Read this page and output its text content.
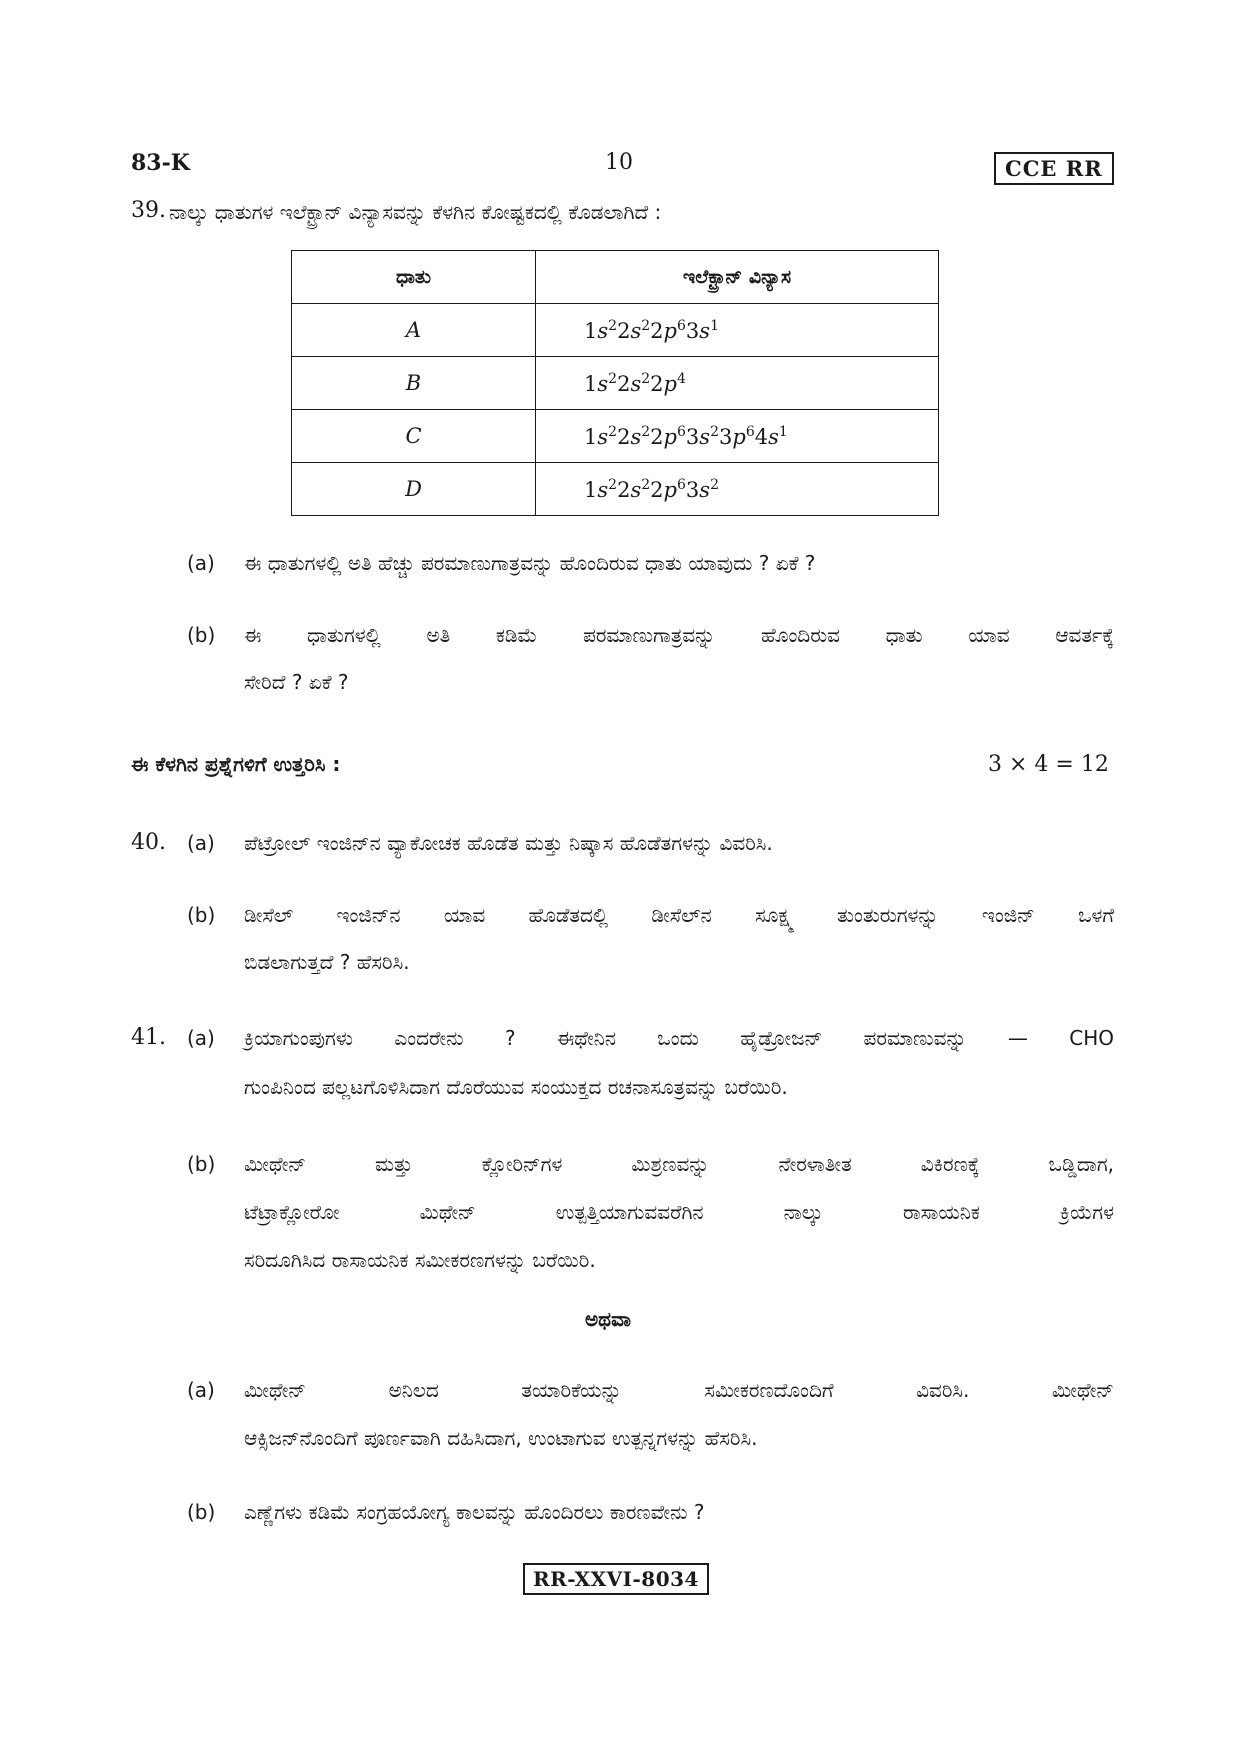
83-K	10	CCE RR
39. ನಾಲ್ಕು ಧಾತುಗಳ ಇಲೆಕ್ಟ್ರಾನ್ ವಿನ್ಯಾಸವನ್ನು ಕೆಳಗಿನ ಕೋಷ್ಟಕದಲ್ಲಿ ಕೊಡಲಾಗಿದೆ :
ಧಾತು	ಇಲೆಕ್ಟ್ರಾನ್ ವಿನ್ಯಾಸ
A	$1s^22s^22p^63s^1$
B	$1s^22s^22p^4$
C	$1s^22s^22p^63s^23p^64s^1$
D	$1s^22s^22p^63s^2$
(a) ಈ ಧಾತುಗಳಲ್ಲಿ ಅತಿ ಹೆಚ್ಚು ಪರಮಾಣುಗಾತ್ರವನ್ನು ಹೊಂದಿರುವ ಧಾತು ಯಾವುದು ? ಏಕೆ ?
(b) ಈ ಧಾತುಗಳಲ್ಲಿ ಅತಿ ಕಡಿಮೆ ಪರಮಾಣುಗಾತ್ರವನ್ನು ಹೊಂದಿರುವ ಧಾತು ಯಾವ ಆವರ್ತಕ್ಕೆ
ಸೇರಿದೆ ? ಏಕೆ ?
ಈ ಕೆಳಗಿನ ಪ್ರಶ್ನೆಗಳಿಗೆ ಉತ್ತರಿಸಿ :	3 × 4 = 12
40. (a) ಪೆಟ್ರೋಲ್ ಇಂಜಿನ್‌ನ ವ್ಯಾಕೋಚಕ ಹೊಡೆತ ಮತ್ತು ನಿಷ್ಕಾಸ ಹೊಡೆತಗಳನ್ನು ವಿವರಿಸಿ.
(b) ಡೀಸೆಲ್ ಇಂಜಿನ್‌ನ ಯಾವ ಹೊಡೆತದಲ್ಲಿ ಡೀಸೆಲ್‌ನ ಸೂಕ್ಷ್ಮ ತುಂತುರುಗಳನ್ನು ಇಂಜಿನ್ ಒಳಗೆ
ಬಿಡಲಾಗುತ್ತದೆ ? ಹೆಸರಿಸಿ.
41. (a) ಕ್ರಿಯಾಗುಂಪುಗಳು ಎಂದರೇನು ? ಈಥೇನಿನ ಒಂದು ಹೈಡ್ರೋಜನ್ ಪರಮಾಣುವನ್ನು — CHO
ಗುಂಪಿನಿಂದ ಪಲ್ಲಟಗೊಳಿಸಿದಾಗ ದೊರೆಯುವ ಸಂಯುಕ್ತದ ರಚನಾಸೂತ್ರವನ್ನು ಬರೆಯಿರಿ.
(b) ಮೀಥೇನ್ ಮತ್ತು ಕ್ಲೋರಿನ್‌ಗಳ ಮಿಶ್ರಣವನ್ನು ನೇರಳಾತೀತ ವಿಕಿರಣಕ್ಕೆ ಒಡ್ಡಿದಾಗ,
ಟೆಟ್ರಾಕ್ಲೋರೋ ಮಿಥೇನ್ ಉತ್ಪತ್ತಿಯಾಗುವವರೆಗಿನ ನಾಲ್ಕು ರಾಸಾಯನಿಕ ಕ್ರಿಯೆಗಳ
ಸರಿದೂಗಿಸಿದ ರಾಸಾಯನಿಕ ಸಮೀಕರಣಗಳನ್ನು ಬರೆಯಿರಿ.
ಅಥವಾ
(a) ಮೀಥೇನ್ ಅನಿಲದ ತಯಾರಿಕೆಯನ್ನು ಸಮೀಕರಣದೊಂದಿಗೆ ವಿವರಿಸಿ. ಮೀಥೇನ್
ಆಕ್ಸಿಜನ್‌ನೊಂದಿಗೆ ಪೂರ್ಣವಾಗಿ ದಹಿಸಿದಾಗ, ಉಂಟಾಗುವ ಉತ್ಪನ್ನಗಳನ್ನು ಹೆಸರಿಸಿ.
(b) ಎಣ್ಣೆಗಳು ಕಡಿಮೆ ಸಂಗ್ರಹಯೋಗ್ಯ ಕಾಲವನ್ನು ಹೊಂದಿರಲು ಕಾರಣವೇನು ?
RR-XXVI-8034
